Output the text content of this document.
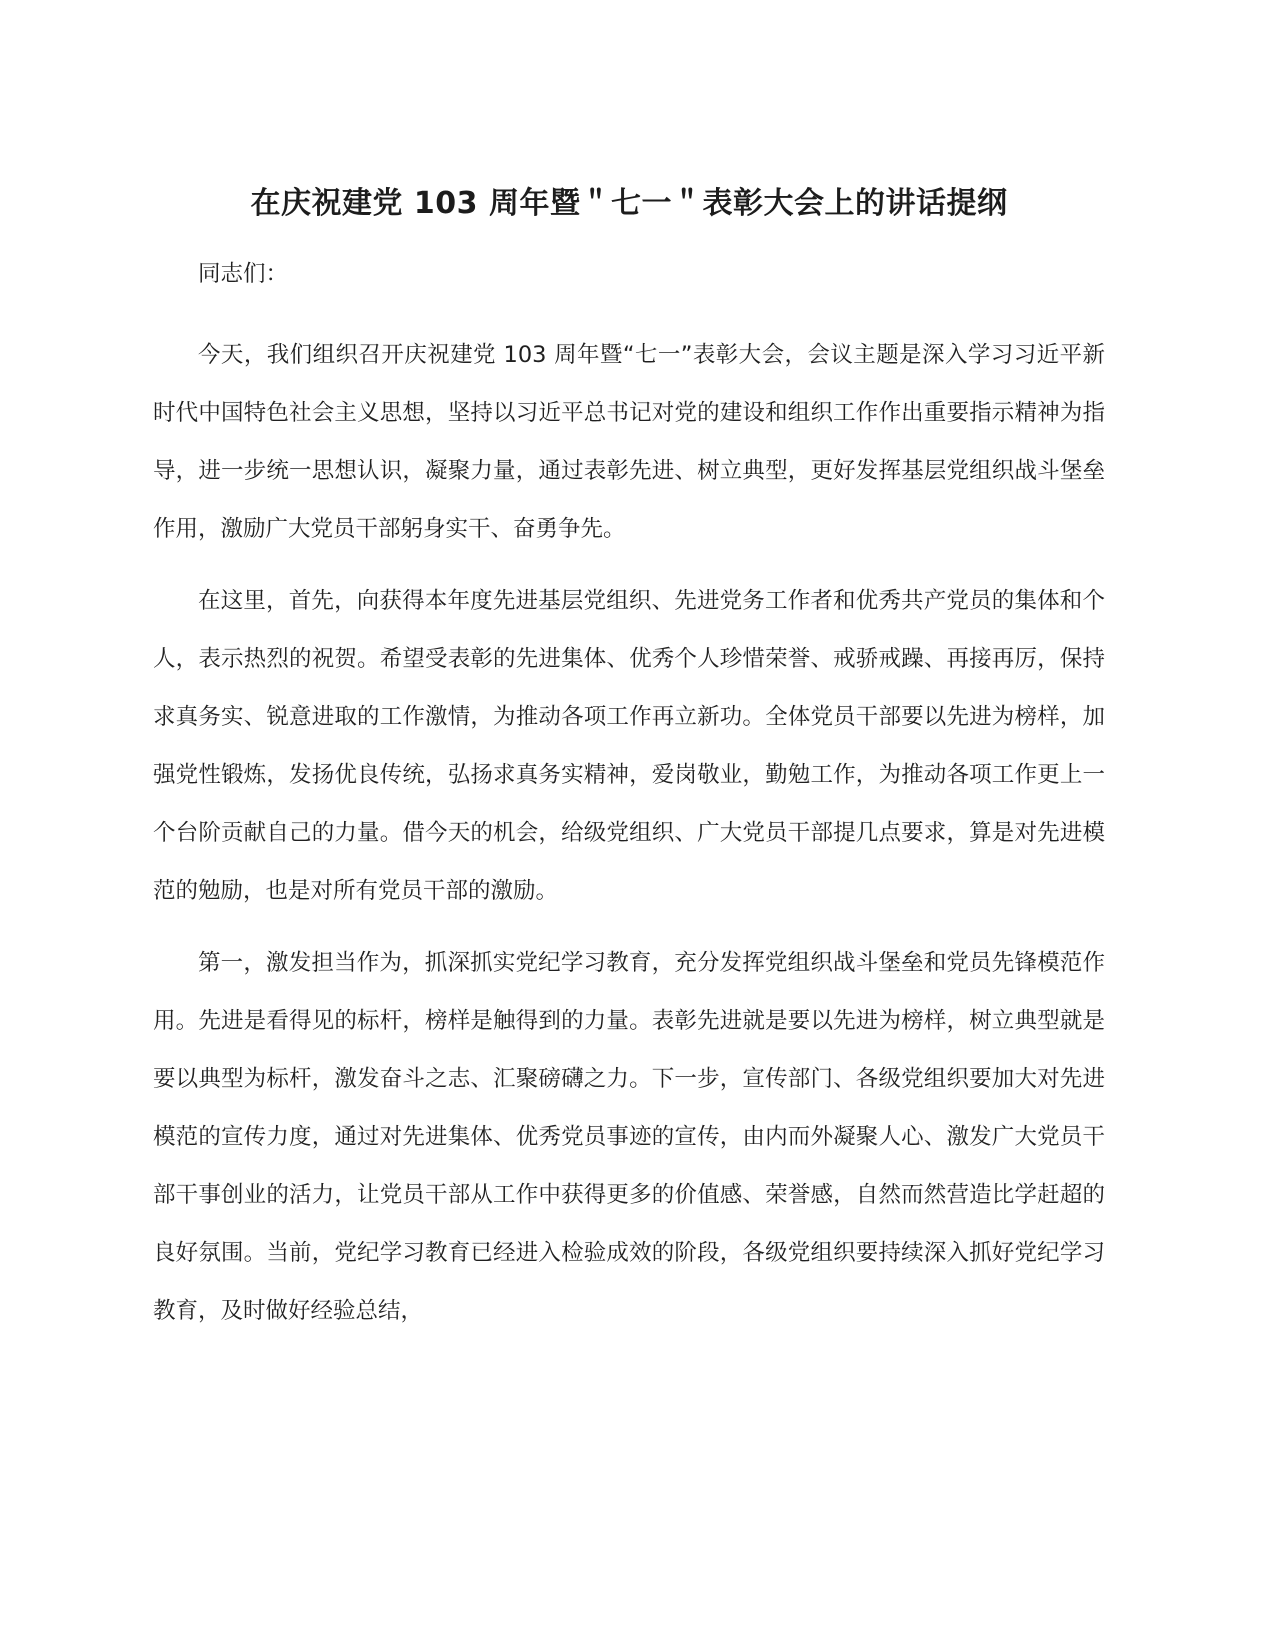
在庆祝建党 103 周年暨＂七一＂表彰大会上的讲话提纲

同志们：

今天，我们组织召开庆祝建党 103 周年暨“七一”表彰大会，会议主题是深入学习习近平新时代中国特色社会主义思想，坚持以习近平总书记对党的建设和组织工作作出重要指示精神为指导，进一步统一思想认识，凝聚力量，通过表彰先进、树立典型，更好发挥基层党组织战斗堡垒作用，激励广大党员干部躬身实干、奋勇争先。

在这里，首先，向获得本年度先进基层党组织、先进党务工作者和优秀共产党员的集体和个人，表示热烈的祝贺。希望受表彰的先进集体、优秀个人珍惜荣誉、戒骄戒躁、再接再厉，保持求真务实、锐意进取的工作激情，为推动各项工作再立新功。全体党员干部要以先进为榜样，加强党性锻炼，发扬优良传统，弘扬求真务实精神，爱岗敬业，勤勉工作，为推动各项工作更上一个台阶贡献自己的力量。借今天的机会，给级党组织、广大党员干部提几点要求，算是对先进模范的勉励，也是对所有党员干部的激励。

第一，激发担当作为，抓深抓实党纪学习教育，充分发挥党组织战斗堡垒和党员先锋模范作用。先进是看得见的标杆，榜样是触得到的力量。表彰先进就是要以先进为榜样，树立典型就是要以典型为标杆，激发奋斗之志、汇聚磅礴之力。下一步，宣传部门、各级党组织要加大对先进模范的宣传力度，通过对先进集体、优秀党员事迹的宣传，由内而外凝聚人心、激发广大党员干部干事创业的活力，让党员干部从工作中获得更多的价值感、荣誉感，自然而然营造比学赶超的良好氛围。当前，党纪学习教育已经进入检验成效的阶段，各级党组织要持续深入抓好党纪学习教育，及时做好经验总结，
